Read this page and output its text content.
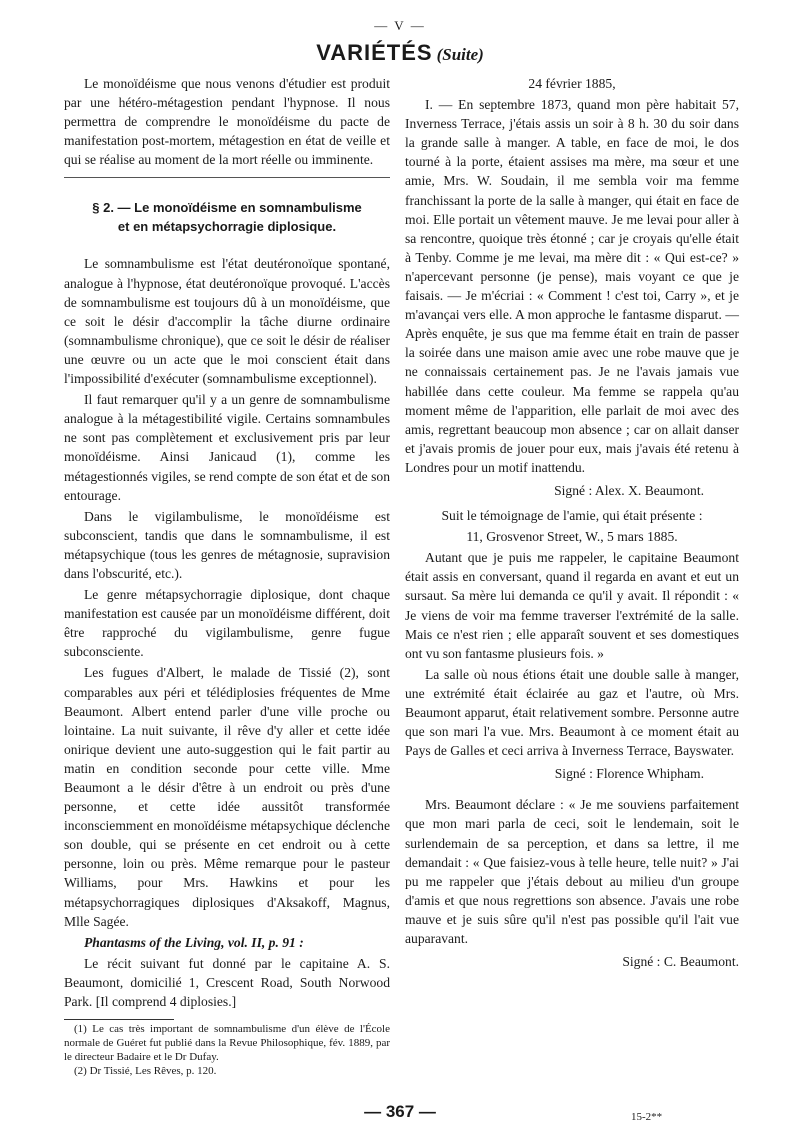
— V —
VARIÉTÉS (Suite)

Le monoïdéisme que nous venons d'étudier est produit par une hétéro-métagestion pendant l'hypnose. Il nous permettra de comprendre le monoïdéisme du pacte de manifestation post-mortem, métagestion en état de veille et qui se réalise au moment de la mort réelle ou imminente.

§ 2. — Le monoïdéisme en somnambulisme
et en métapsychorragie diplosique.

Le somnambulisme est l'état deutéronoïque spontané, analogue à l'hypnose, état deutéronoïque provoqué. L'accès de somnambulisme est toujours dû à un monoïdéisme, que ce soit le désir d'accomplir la tâche diurne ordinaire (somnambulisme chronique), que ce soit le désir de réaliser une œuvre ou un acte que le moi conscient était dans l'impossibilité d'exécuter (somnambulisme exceptionnel).

Il faut remarquer qu'il y a un genre de somnambulisme analogue à la métagestibilité vigile. Certains somnambules ne sont pas complètement et exclusivement pris par leur monoïdéisme. Ainsi Janicaud (1), comme les métagestionnés vigiles, se rend compte de son état et de son entourage.

Dans le vigilambulisme, le monoïdéisme est subconscient, tandis que dans le somnambulisme, il est métapsychique (tous les genres de métagnosie, supravision dans l'obscurité, etc.).

Le genre métapsychorragie diplosique, dont chaque manifestation est causée par un monoïdéisme différent, doit être rapproché du vigilambulisme, genre fugue subconsciente.

Les fugues d'Albert, le malade de Tissié (2), sont comparables aux péri et télédiplosies fréquentes de Mme Beaumont. Albert entend parler d'une ville proche ou lointaine. La nuit suivante, il rêve d'y aller et cette idée onirique devient une auto-suggestion qui le fait partir au matin en condition seconde pour cette ville. Mme Beaumont a le désir d'être à un endroit ou près d'une personne, et cette idée aussitôt transformée inconsciemment en monoïdéisme métapsychique déclenche son double, qui se présente en cet endroit ou à cette personne, loin ou près. Même remarque pour le pasteur Williams, pour Mrs. Hawkins et pour les métapsychorragiques diplosiques d'Aksakoff, Magnus, Mlle Sagée.

Phantasms of the Living, vol. II, p. 91 :

Le récit suivant fut donné par le capitaine A. S. Beaumont, domicilié 1, Crescent Road, South Norwood Park. [Il comprend 4 diplosies.]

(1) Le cas très important de somnambulisme d'un élève de l'École normale de Guéret fut publié dans la Revue Philosophique, fév. 1889, par le directeur Badaire et le Dr Dufay.

(2) Dr Tissié, Les Rêves, p. 120.

24 février 1885,

I. — En septembre 1873, quand mon père habitait 57, Inverness Terrace, j'étais assis un soir à 8 h. 30 du soir dans la grande salle à manger. A table, en face de moi, le dos tourné à la porte, étaient assises ma mère, ma sœur et une amie, Mrs. W. Soudain, il me sembla voir ma femme franchissant la porte de la salle à manger, qui était en face de moi. Elle portait un vêtement mauve. Je me levai pour aller à sa rencontre, quoique très étonné ; car je croyais qu'elle était à Tenby. Comme je me levai, ma mère dit : « Qui est-ce? » n'apercevant personne (je pense), mais voyant ce que je faisais. — Je m'écriai : « Comment ! c'est toi, Carry », et je m'avançai vers elle. A mon approche le fantasme disparut. — Après enquête, je sus que ma femme était en train de passer la soirée dans une maison amie avec une robe mauve que je ne connaissais certainement pas. Je ne l'avais jamais vue habillée dans cette couleur. Ma femme se rappela qu'au moment même de l'apparition, elle parlait de moi avec des amis, regrettant beaucoup mon absence ; car on allait danser et j'avais promis de jouer pour eux, mais j'avais été retenu à Londres pour un motif inattendu.

Signé : Alex. X. Beaumont.

Suit le témoignage de l'amie, qui était présente :

11, Grosvenor Street, W., 5 mars 1885.

Autant que je puis me rappeler, le capitaine Beaumont était assis en conversant, quand il regarda en avant et eut un sursaut. Sa mère lui demanda ce qu'il y avait. Il répondit : « Je viens de voir ma femme traverser l'extrémité de la salle. Mais ce n'est rien ; elle apparaît souvent et ses domestiques ont vu son fantasme plusieurs fois. »

La salle où nous étions était une double salle à manger, une extrémité était éclairée au gaz et l'autre, où Mrs. Beaumont apparut, était relativement sombre. Personne autre que son mari l'a vue. Mrs. Beaumont à ce moment était au Pays de Galles et ceci arriva à Inverness Terrace, Bayswater.

Signé : Florence Whipham.

Mrs. Beaumont déclare : « Je me souviens parfaitement que mon mari parla de ceci, soit le lendemain, soit le surlendemain de sa perception, et dans sa lettre, il me demandait : « Que faisiez-vous à telle heure, telle nuit? » J'ai pu me rappeler que j'étais debout au milieu d'un groupe d'amis et que nous regrettions son absence. J'avais une robe mauve et je suis sûre qu'il n'est pas possible qu'il l'ait vue auparavant.

Signé : C. Beaumont.

— 367 —	15-2**
